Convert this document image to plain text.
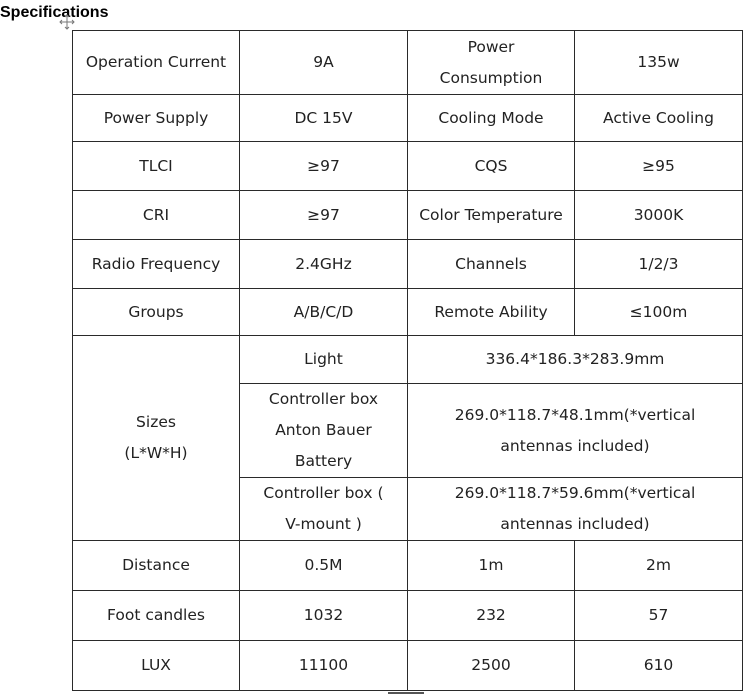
Specifications
Operation Current	9A	Power Consumption	135w
Power Supply	DC 15V	Cooling Mode	Active Cooling
TLCI	≥97	CQS	≥95
CRI	≥97	Color Temperature	3000K
Radio Frequency	2.4GHz	Channels	1/2/3
Groups	A/B/C/D	Remote Ability	≤100m
Sizes (L*W*H)	Light	336.4*186.3*283.9mm	
	Controller box Anton Bauer Battery	269.0*118.7*48.1mm(*vertical antennas included)	
	Controller box ( V-mount )	269.0*118.7*59.6mm(*vertical antennas included)	
Distance	0.5M	1m	2m
Foot candles	1032	232	57
LUX	11100	2500	610
